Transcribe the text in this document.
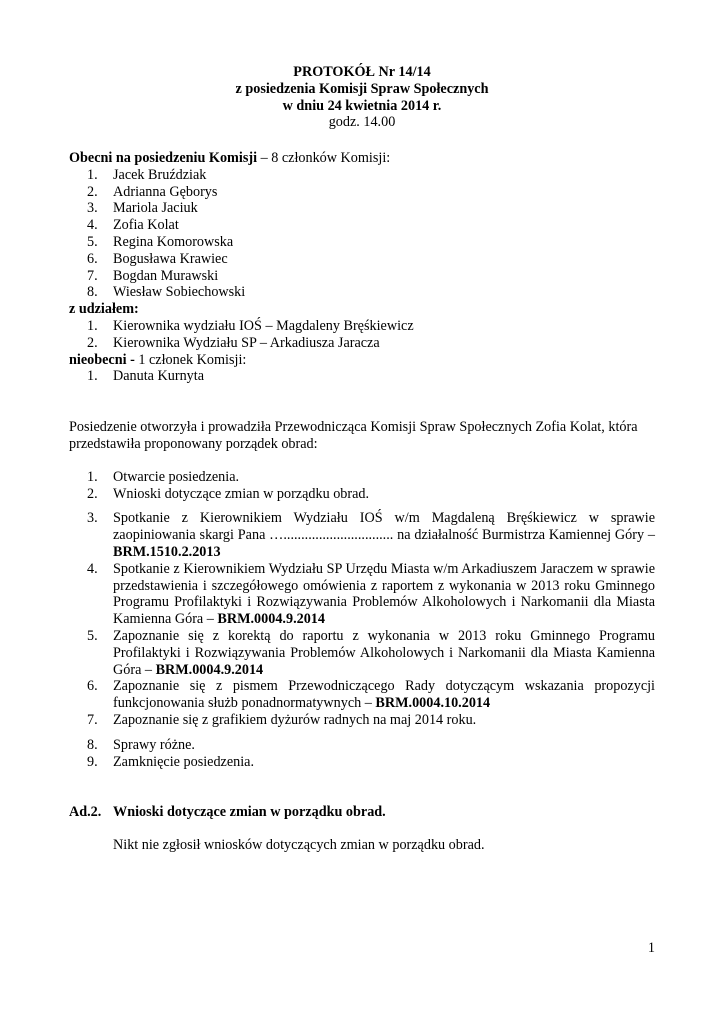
PROTOKÓŁ Nr 14/14
z posiedzenia Komisji Spraw Społecznych
w dniu 24 kwietnia 2014 r.
godz. 14.00
Obecni na posiedzeniu Komisji – 8 członków Komisji:
1. Jacek Bruździak
2. Adrianna Gęborys
3. Mariola Jaciuk
4. Zofia Kolat
5. Regina Komorowska
6. Bogusława Krawiec
7. Bogdan Murawski
8. Wiesław Sobiechowski
z udziałem:
1. Kierownika wydziału IOŚ – Magdaleny Bręśkiewicz
2. Kierownika Wydziału SP – Arkadiusza Jaracza
nieobecni - 1 członek Komisji:
1. Danuta Kurnyta
Posiedzenie otworzyła i prowadziła Przewodnicząca Komisji Spraw Społecznych Zofia Kolat, która
przedstawiła proponowany porządek obrad:
1. Otwarcie posiedzenia.
2. Wnioski dotyczące zmian w porządku obrad.
3. Spotkanie z Kierownikiem Wydziału IOŚ w/m Magdaleną Bręśkiewicz w sprawie zaopiniowania skargi Pana …............................... na działalność Burmistrza Kamiennej Góry – BRM.1510.2.2013
4. Spotkanie z Kierownikiem Wydziału SP Urzędu Miasta w/m Arkadiuszem Jaraczem w sprawie przedstawienia i szczegółowego omówienia z raportem z wykonania w 2013 roku Gminnego Programu Profilaktyki i Rozwiązywania Problemów Alkoholowych i Narkomanii dla Miasta Kamienna Góra – BRM.0004.9.2014
5. Zapoznanie się z korektą do raportu z wykonania w 2013 roku Gminnego Programu Profilaktyki i Rozwiązywania Problemów Alkoholowych i Narkomanii dla Miasta Kamienna Góra – BRM.0004.9.2014
6. Zapoznanie się z pismem Przewodniczącego Rady dotyczącym wskazania propozycji funkcjonowania służb ponadnormatywnych – BRM.0004.10.2014
7. Zapoznanie się z grafikiem dyżurów radnych na maj 2014 roku.
8. Sprawy różne.
9. Zamknięcie posiedzenia.
Ad.2. Wnioski dotyczące zmian w porządku obrad.
Nikt nie zgłosił wniosków dotyczących zmian w porządku obrad.
1
